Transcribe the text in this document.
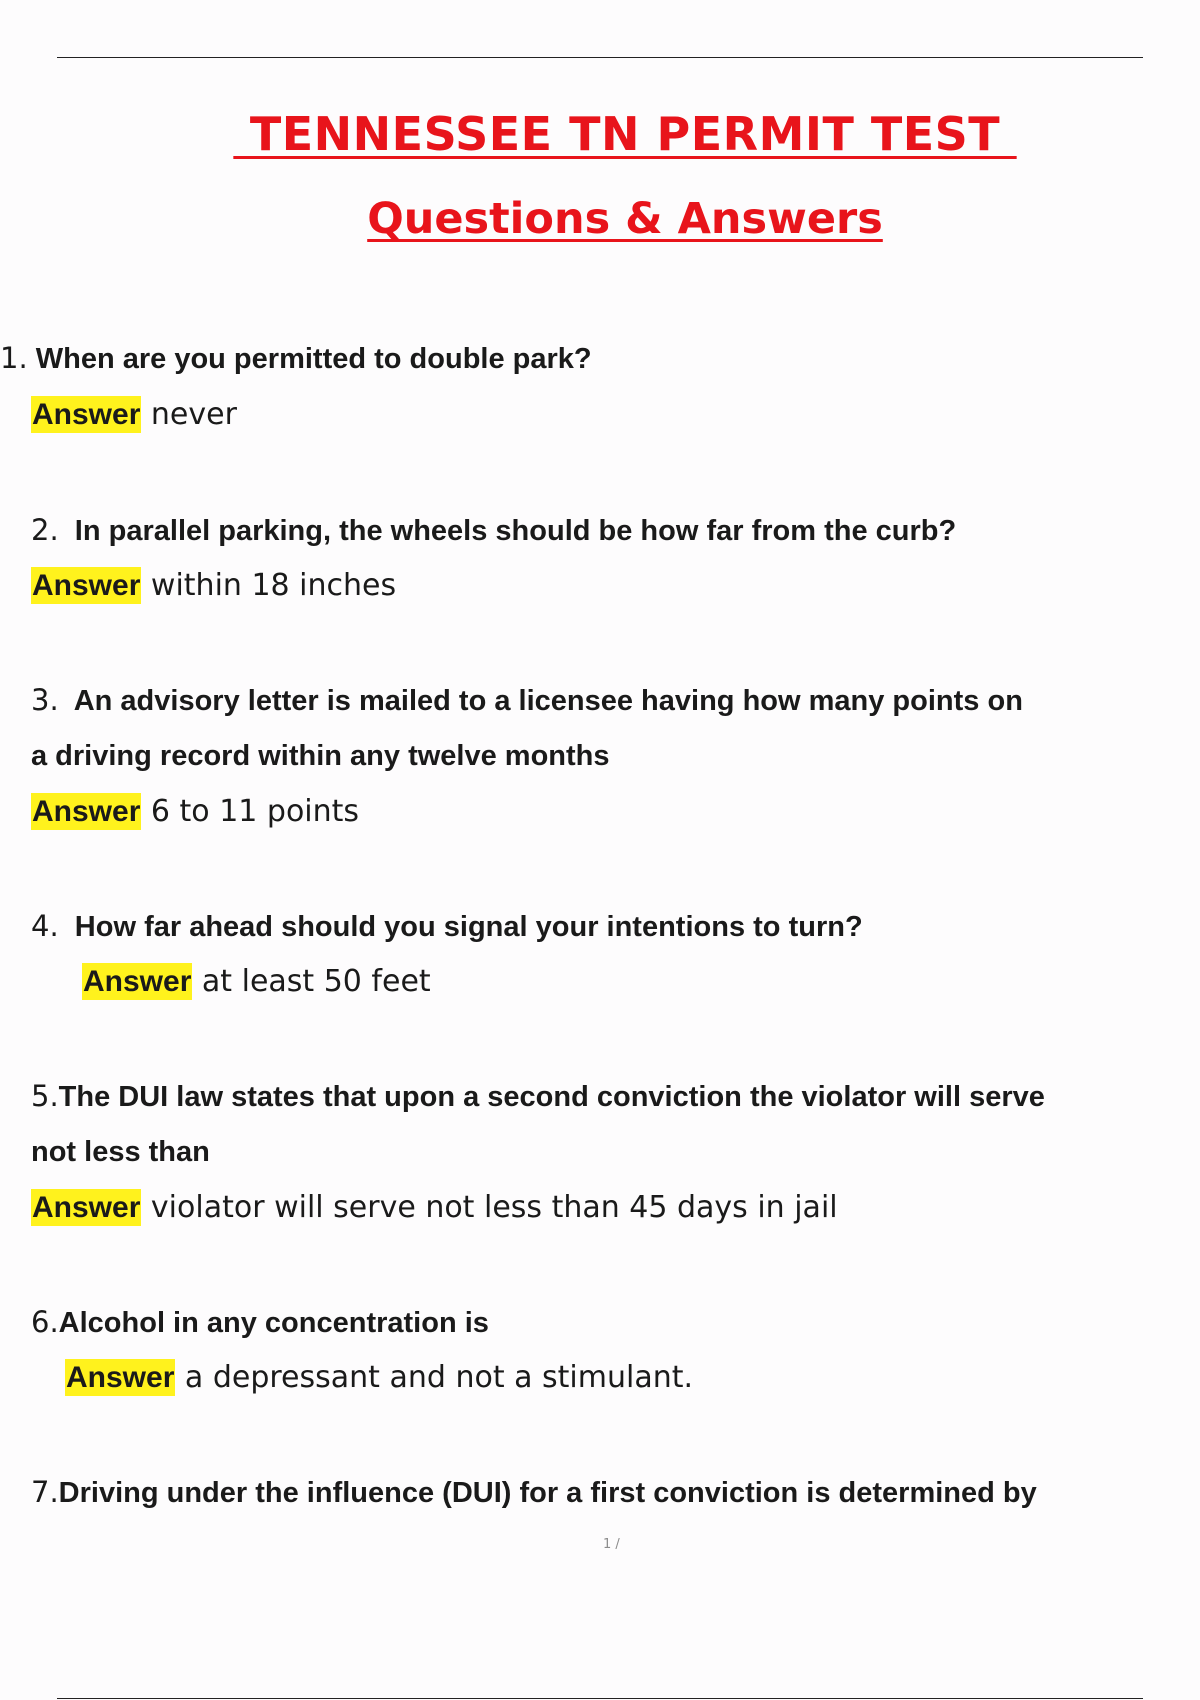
TENNESSEE TN PERMIT TEST
Questions & Answers

1. When are you permitted to double park?

Answer never

2. In parallel parking, the wheels should be how far from the curb?

Answer within 18 inches

3. An advisory letter is mailed to a licensee having how many points on

a driving record within any twelve months

Answer 6 to 11 points

4. How far ahead should you signal your intentions to turn?

Answer at least 50 feet

5.The DUI law states that upon a second conviction the violator will serve

not less than

Answer violator will serve not less than 45 days in jail

6.Alcohol in any concentration is

Answer a depressant and not a stimulant.

7.Driving under the influence (DUI) for a first conviction is determined by

1 /
